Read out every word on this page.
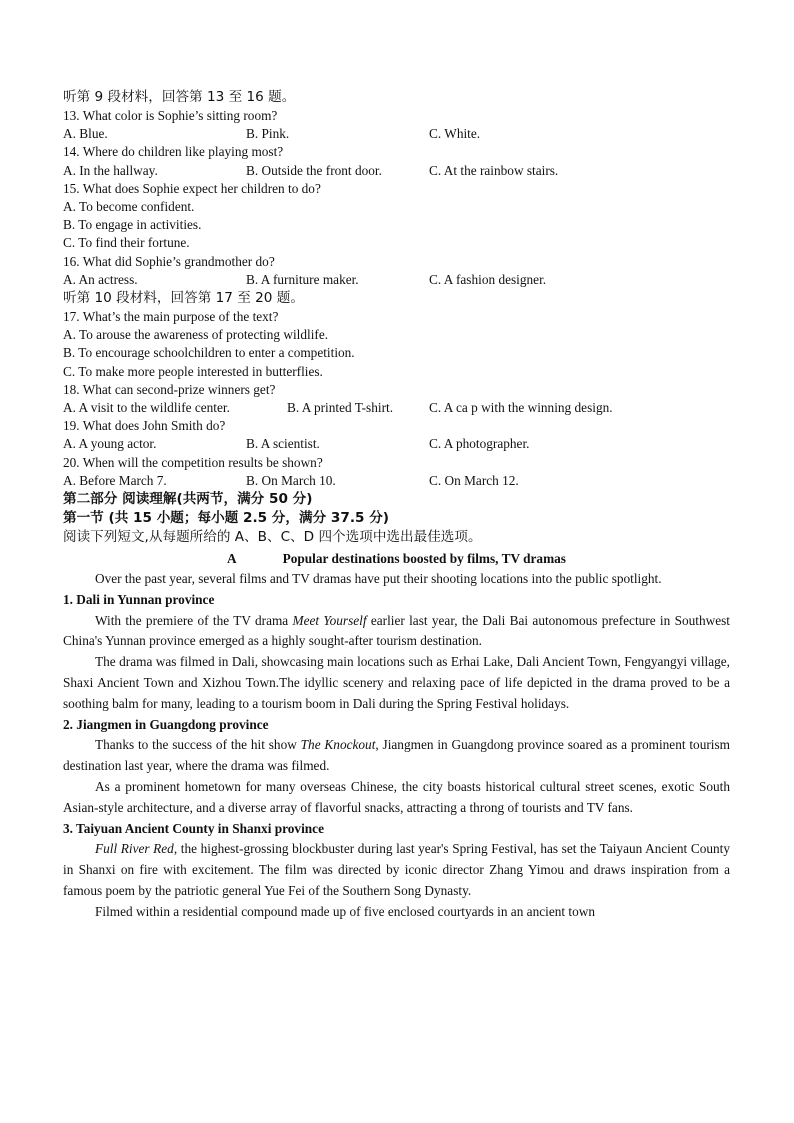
听第 9 段材料，回答第 13 至 16 题。
13. What color is Sophie’s sitting room?
A. Blue.	B. Pink.	C. White.
14. Where do children like playing most?
A. In the hallway.	B. Outside the front door.	C. At the rainbow stairs.
15. What does Sophie expect her children to do?
A. To become confident.
B. To engage in activities.
C. To find their fortune.
16. What did Sophie’s grandmother do?
A. An actress.	B. A furniture maker.	C. A fashion designer.
听第 10 段材料，回答第 17 至 20 题。
17. What’s the main purpose of the text?
A. To arouse the awareness of protecting wildlife.
B. To encourage schoolchildren to enter a competition.
C. To make more people interested in butterflies.
18. What can second-prize winners get?
A. A visit to the wildlife center.	B. A printed T-shirt.	C. A ca p with the winning design.
19. What does John Smith do?
A. A young actor.	B. A scientist.	C. A photographer.
20. When will the competition results be shown?
A. Before March 7.	B. On March 10.	C. On March 12.
第二部分 阅读理解(共两节，满分 50 分)
第一节 (共 15 小题；每小题 2.5 分，满分 37.5 分)
阅读下列短文,从每题所给的 A、B、C、D 四个选项中选出最佳选项。
A	Popular destinations boosted by films, TV dramas
Over the past year, several films and TV dramas have put their shooting locations into the public spotlight.
1. Dali in Yunnan province
With the premiere of the TV drama Meet Yourself earlier last year, the Dali Bai autonomous prefecture in Southwest China's Yunnan province emerged as a highly sought-after tourism destination.
The drama was filmed in Dali, showcasing main locations such as Erhai Lake, Dali Ancient Town, Fengyangyi village, Shaxi Ancient Town and Xizhou Town.The idyllic scenery and relaxing pace of life depicted in the drama proved to be a soothing balm for many, leading to a tourism boom in Dali during the Spring Festival holidays.
2. Jiangmen in Guangdong province
Thanks to the success of the hit show The Knockout, Jiangmen in Guangdong province soared as a prominent tourism destination last year, where the drama was filmed.
As a prominent hometown for many overseas Chinese, the city boasts historical cultural street scenes, exotic South Asian-style architecture, and a diverse array of flavorful snacks, attracting a throng of tourists and TV fans.
3. Taiyuan Ancient County in Shanxi province
Full River Red, the highest-grossing blockbuster during last year's Spring Festival, has set the Taiyaun Ancient County in Shanxi on fire with excitement. The film was directed by iconic director Zhang Yimou and draws inspiration from a famous poem by the patriotic general Yue Fei of the Southern Song Dynasty.
Filmed within a residential compound made up of five enclosed courtyards in an ancient town
